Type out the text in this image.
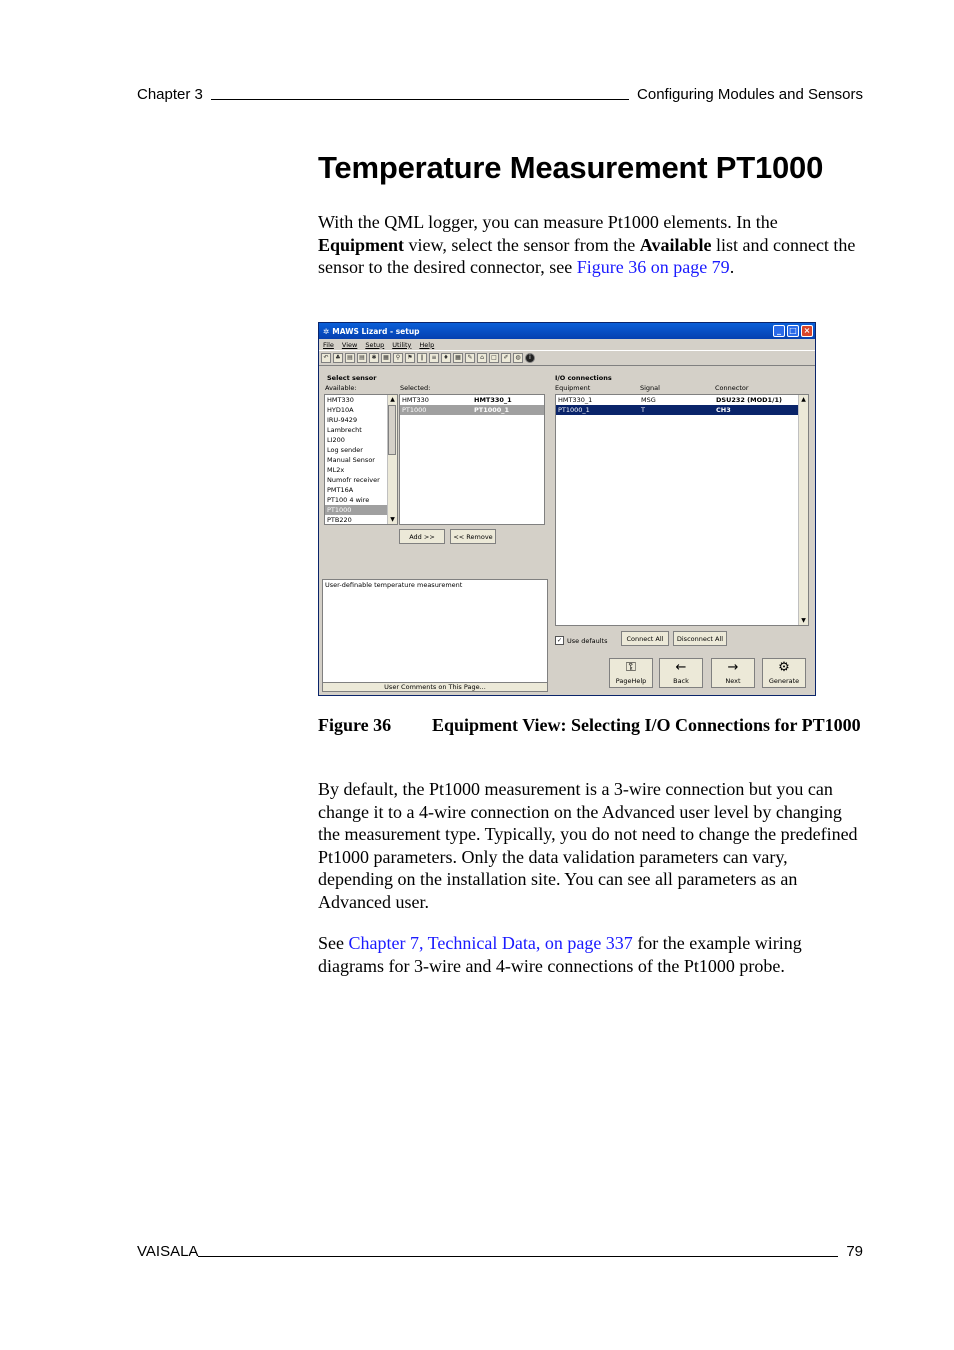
Chapter 3	Configuring Modules and Sensors
Temperature Measurement PT1000

With the QML logger, you can measure Pt1000 elements. In the Equipment view, select the sensor from the Available list and connect the sensor to the desired connector, see Figure 36 on page 79.

✲ MAWS Lizard - setup	_	□ ×
File View Setup Utility Help
↶	♣	▤	▤	✱	▦	⚲	⚑	∥	≡	♦	▦	✎	⌂	□	✐	◍	i
Select sensor
Available:	Selected:
HMT330
HYD10A
IRU-9429
Lambrecht
LI200
Log sender
Manual Sensor
ML2x
Numofr receiver
PMT16A
PT100 4 wire
PT1000
PTB220
▲
▼
HMT330	HMT330_1
PT1000	PT1000_1
Add >>	<< Remove
User-definable temperature measurement
User Comments on This Page...
I/O connections
Equipment	Signal	Connector
HMT330_1	MSG	DSU232 (MOD1/1)
PT1000_1	T	CH3
▲
▼
✓ Use defaults	Connect All	Disconnect All
⚿
PageHelp
←
Back
→
Next
⚙
Generate
Figure 36	Equipment View: Selecting I/O Connections for PT1000

By default, the Pt1000 measurement is a 3-wire connection but you can change it to a 4-wire connection on the Advanced user level by changing the measurement type. Typically, you do not need to change the predefined Pt1000 parameters. Only the data validation parameters can vary, depending on the installation site. You can see all parameters as an Advanced user.

See Chapter 7, Technical Data, on page 337 for the example wiring diagrams for 3-wire and 4-wire connections of the Pt1000 probe.

VAISALA	79
